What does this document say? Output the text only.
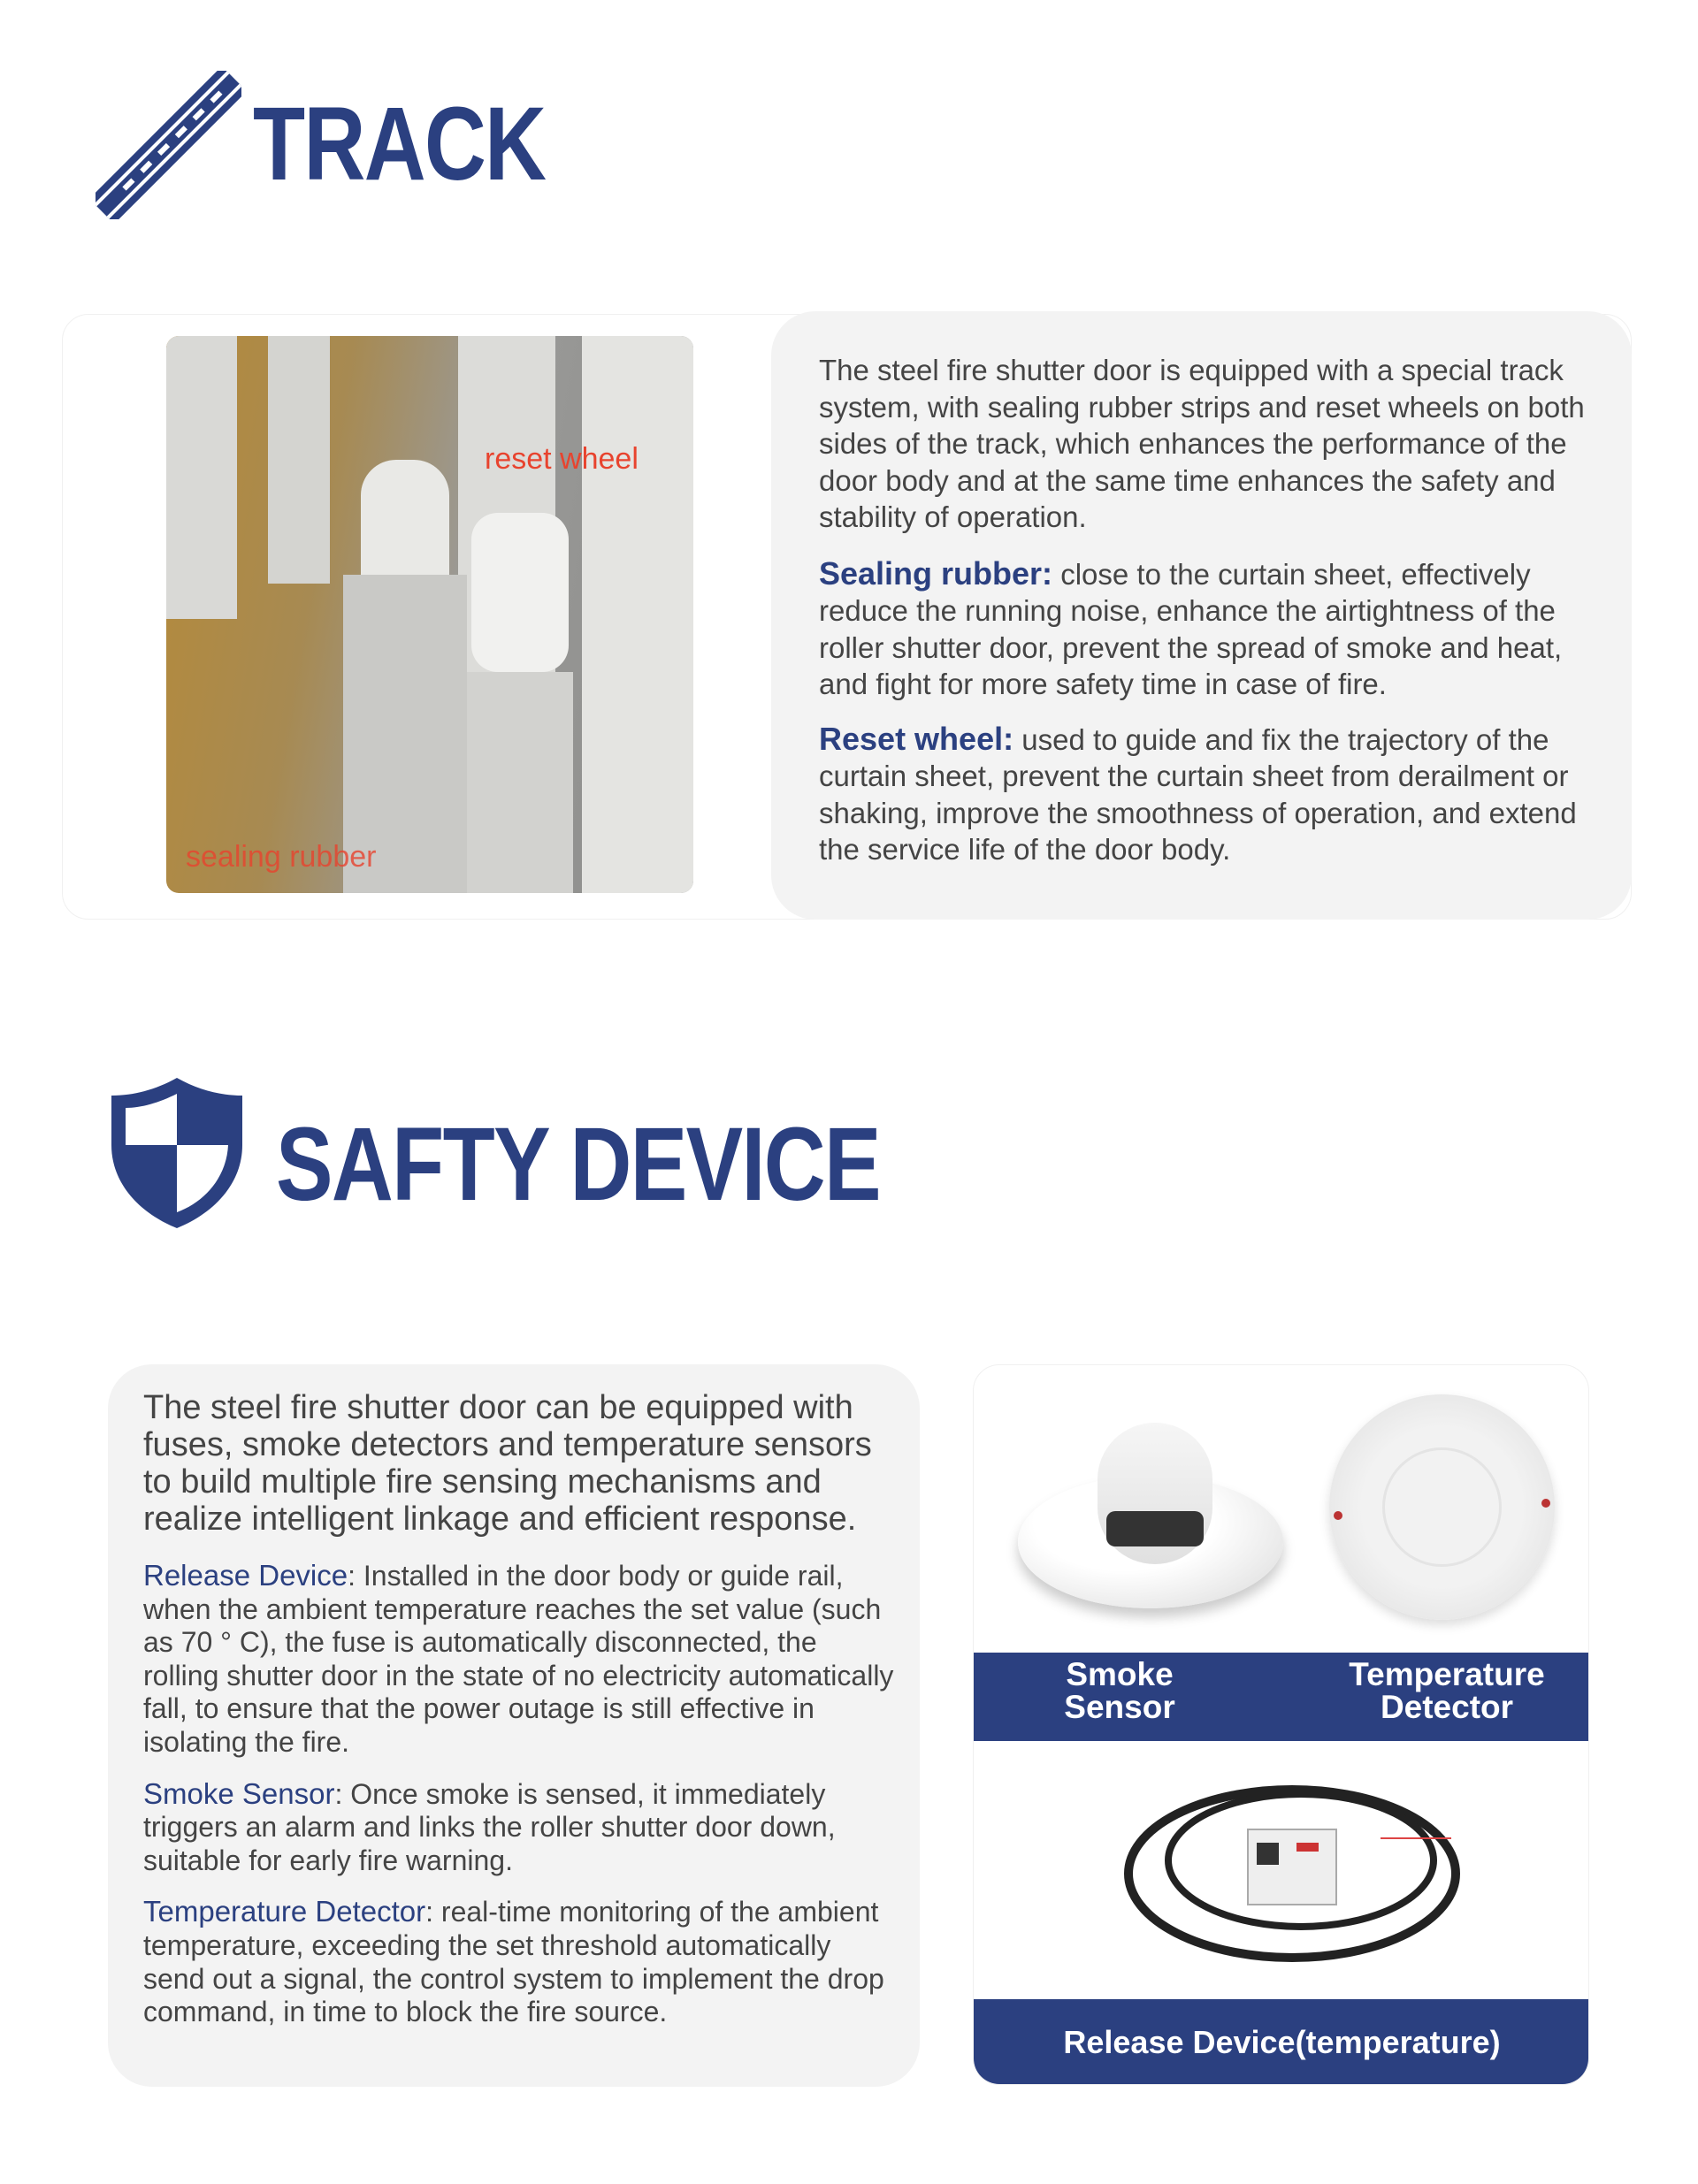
TRACK
reset wheel
sealing rubber

The steel fire shutter door is equipped with a special track system, with sealing rubber strips and reset wheels on both sides of the track, which enhances the performance of the door body and at the same time enhances the safety and stability of operation.

Sealing rubber: close to the curtain sheet, effectively reduce the running noise, enhance the airtightness of the roller shutter door, prevent the spread of smoke and heat, and fight for more safety time in case of fire.

Reset wheel: used to guide and fix the trajectory of the curtain sheet, prevent the curtain sheet from derailment or shaking, improve the smoothness of operation, and extend the service life of the door body.

SAFTY DEVICE

The steel fire shutter door can be equipped with fuses, smoke detectors and temperature sensors to build multiple fire sensing mechanisms and realize intelligent linkage and efficient response.

Release Device: Installed in the door body or guide rail, when the ambient temperature reaches the set value (such as 70 ° C), the fuse is automatically disconnected, the rolling shutter door in the state of no electricity automatically fall, to ensure that the power outage is still effective in isolating the fire.

Smoke Sensor: Once smoke is sensed, it immediately triggers an alarm and links the roller shutter door down, suitable for early fire warning.

Temperature Detector: real-time monitoring of the ambient temperature, exceeding the set threshold automatically send out a signal, the control system to implement the drop command, in time to block the fire source.

Smoke Sensor
Temperature Detector
Release Device(temperature)
